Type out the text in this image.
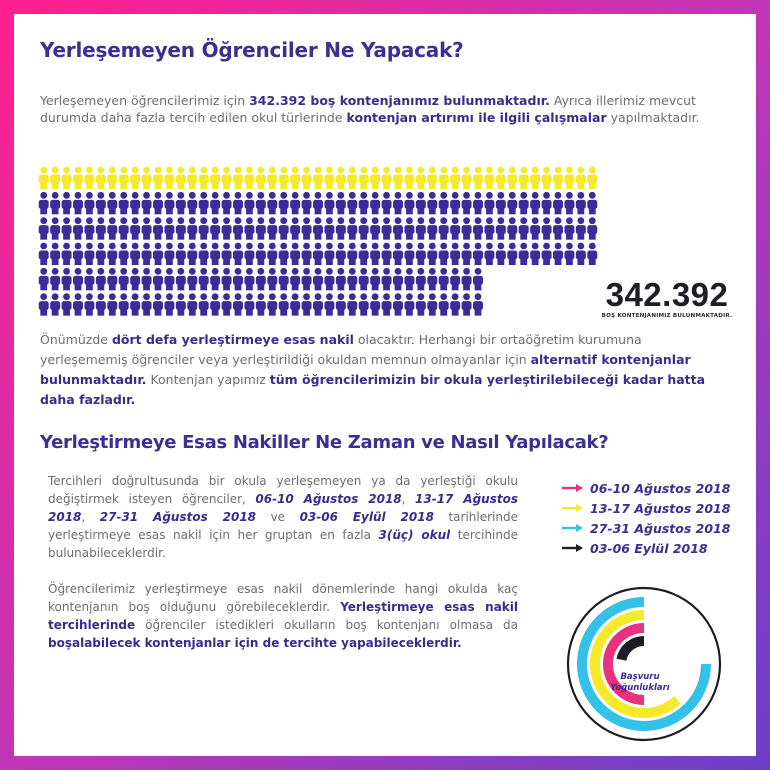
Yerleşemeyen Öğrenciler Ne Yapacak?

Yerleşemeyen öğrencilerimiz için 342.392 boş kontenjanımız bulunmaktadır. Ayrıca illerimiz mevcut durumda daha fazla tercih edilen okul türlerinde kontenjan artırımı ile ilgili çalışmalar yapılmaktadır.

342.392
BOŞ KONTENJANIMIZ BULUNMAKTADIR.

Önümüzde dört defa yerleştirmeye esas nakil olacaktır. Herhangi bir ortaöğretim kurumuna yerleşememiş öğrenciler veya yerleştirildiği okuldan memnun olmayanlar için alternatif kontenjanlar bulunmaktadır. Kontenjan yapımız tüm öğrencilerimizin bir okula yerleştirilebileceği kadar hatta daha fazladır.

Yerleştirmeye Esas Nakiller Ne Zaman ve Nasıl Yapılacak?

Tercihleri doğrultusunda bir okula yerleşemeyen ya da yerleştiği okulu değiştirmek isteyen öğrenciler, 06-10 Ağustos 2018, 13-17 Ağustos 2018, 27-31 Ağustos 2018 ve 03-06 Eylül 2018 tarihlerinde yerleştirmeye esas nakil için her gruptan en fazla 3(üç) okul tercihinde bulunabileceklerdir.

Öğrencilerimiz yerleştirmeye esas nakil dönemlerinde hangi okulda kaç kontenjanın boş olduğunu görebileceklerdir. Yerleştirmeye esas nakil tercihlerinde öğrenciler istedikleri okulların boş kontenjanı olmasa da boşalabilecek kontenjanlar için de tercihte yapabileceklerdir.

06-10 Ağustos 2018
13-17 Ağustos 2018
27-31 Ağustos 2018
03-06 Eylül 2018
Başvuru
Yoğunlukları
